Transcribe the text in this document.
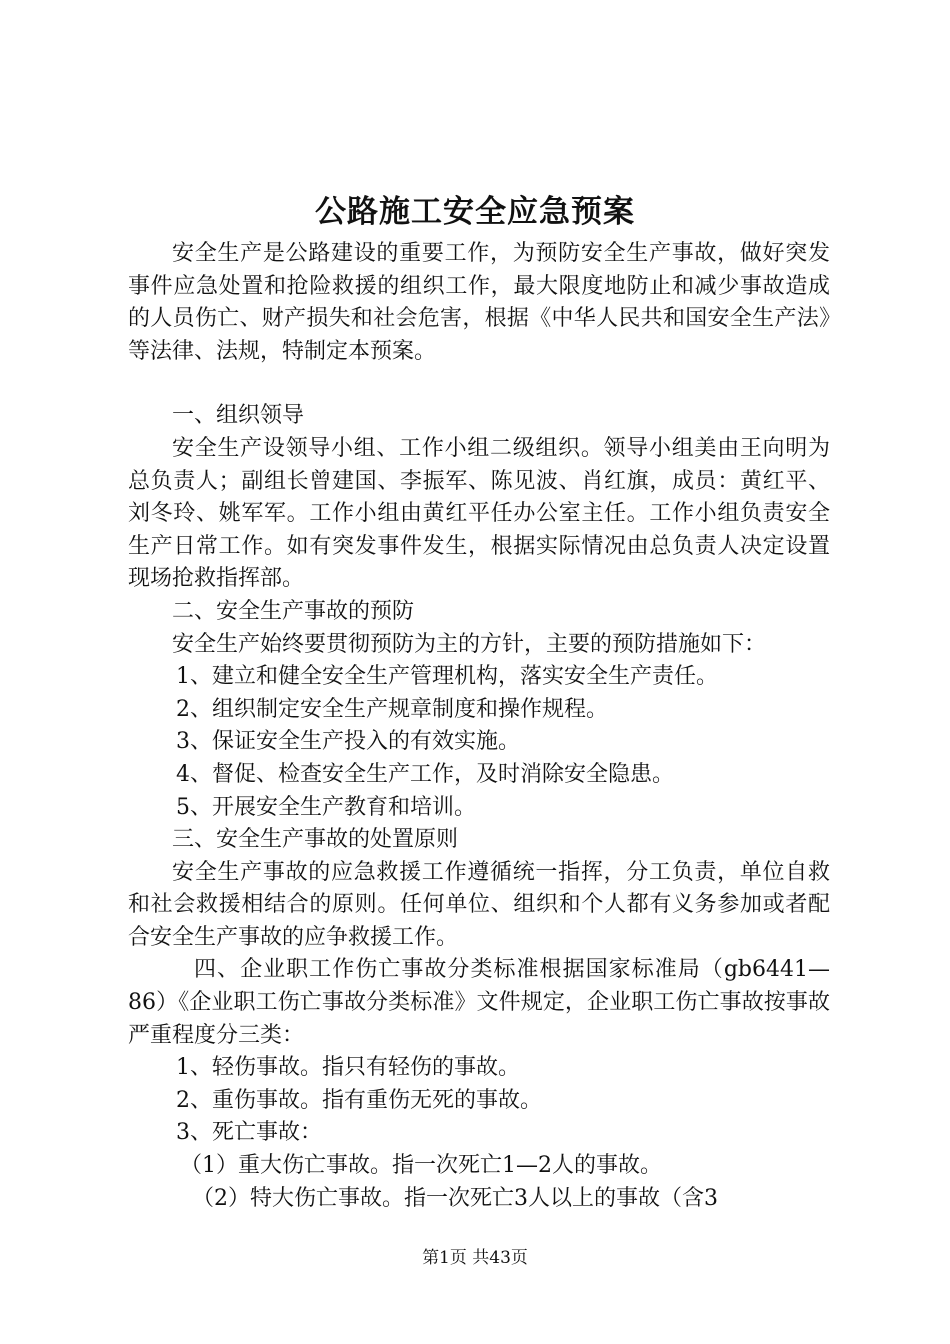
公路施工安全应急预案

安全生产是公路建设的重要工作，为预防安全生产事故，做好突发事件应急处置和抢险救援的组织工作，最大限度地防止和减少事故造成的人员伤亡、财产损失和社会危害，根据《中华人民共和国安全生产法》等法律、法规，特制定本预案。

一、组织领导

安全生产设领导小组、工作小组二级组织。领导小组美由王向明为总负责人；副组长曾建国、李振军、陈见波、肖红旗，成员：黄红平、刘冬玲、姚军军。工作小组由黄红平任办公室主任。工作小组负责安全生产日常工作。如有突发事件发生，根据实际情况由总负责人决定设置现场抢救指挥部。

二、安全生产事故的预防

安全生产始终要贯彻预防为主的方针，主要的预防措施如下：

1、建立和健全安全生产管理机构，落实安全生产责任。

2、组织制定安全生产规章制度和操作规程。

3、保证安全生产投入的有效实施。

4、督促、检查安全生产工作，及时消除安全隐患。

5、开展安全生产教育和培训。

三、安全生产事故的处置原则

安全生产事故的应急救援工作遵循统一指挥，分工负责，单位自救和社会救援相结合的原则。任何单位、组织和个人都有义务参加或者配合安全生产事故的应争救援工作。

四、企业职工作伤亡事故分类标准根据国家标准局（gb6441—86）《企业职工伤亡事故分类标准》文件规定，企业职工伤亡事故按事故严重程度分三类：

1、轻伤事故。指只有轻伤的事故。

2、重伤事故。指有重伤无死的事故。

3、死亡事故：

（1）重大伤亡事故。指一次死亡1—2人的事故。

（2）特大伤亡事故。指一次死亡3人以上的事故（含3

第1页 共43页
